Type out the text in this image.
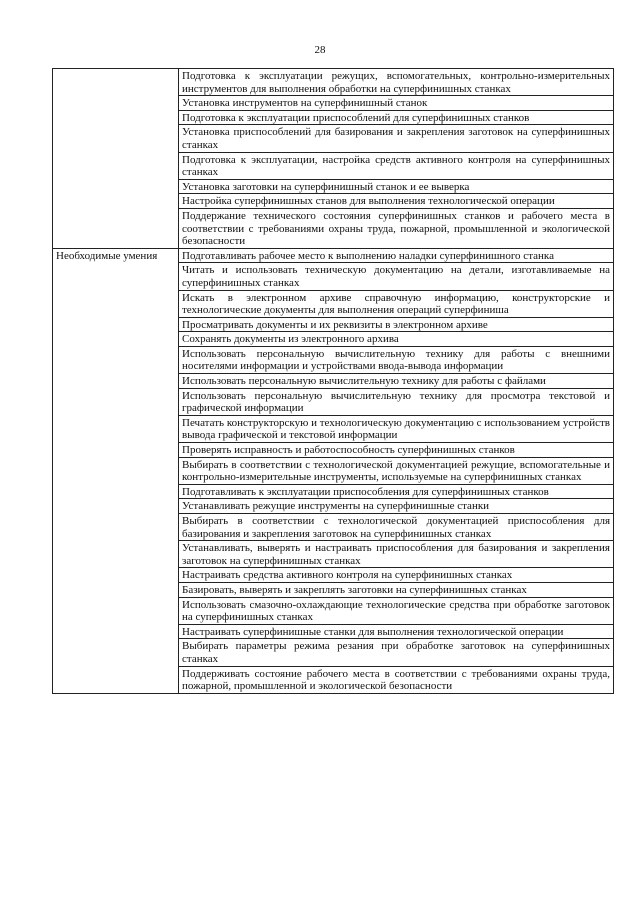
28
	Подготовка к эксплуатации режущих, вспомогательных, контрольно-измерительных инструментов для выполнения обработки на суперфинишных станках
	Установка инструментов на суперфинишный станок
	Подготовка к эксплуатации приспособлений для суперфинишных станков
	Установка приспособлений для базирования и закрепления заготовок на суперфинишных станках
	Подготовка к эксплуатации, настройка средств активного контроля на суперфинишных станках
	Установка заготовки на суперфинишный станок и ее выверка
	Настройка суперфинишных станов для выполнения технологической операции
	Поддержание технического состояния суперфинишных станков и рабочего места в соответствии с требованиями охраны труда, пожарной, промышленной и экологической безопасности
Необходимые умения	Подготавливать рабочее место к выполнению наладки суперфинишного станка
	Читать и использовать техническую документацию на детали, изготавливаемые на суперфинишных станках
	Искать в электронном архиве справочную информацию, конструкторские и технологические документы для выполнения операций суперфиниша
	Просматривать документы и их реквизиты в электронном архиве
	Сохранять документы из электронного архива
	Использовать персональную вычислительную технику для работы с внешними носителями информации и устройствами ввода-вывода информации
	Использовать персональную вычислительную технику для работы с файлами
	Использовать персональную вычислительную технику для просмотра текстовой и графической информации
	Печатать конструкторскую и технологическую документацию с использованием устройств вывода графической и текстовой информации
	Проверять исправность и работоспособность суперфинишных станков
	Выбирать в соответствии с технологической документацией режущие, вспомогательные и контрольно-измерительные инструменты, используемые на суперфинишных станках
	Подготавливать к эксплуатации приспособления для суперфинишных станков
	Устанавливать режущие инструменты на суперфинишные станки
	Выбирать в соответствии с технологической документацией приспособления для базирования и закрепления заготовок на суперфинишных станках
	Устанавливать, выверять и настраивать приспособления для базирования и закрепления заготовок на суперфинишных станках
	Настраивать средства активного контроля на суперфинишных станках
	Базировать, выверять и закреплять заготовки на суперфинишных станках
	Использовать смазочно-охлаждающие технологические средства при обработке заготовок на суперфинишных станках
	Настраивать суперфинишные станки для выполнения технологической операции
	Выбирать параметры режима резания при обработке заготовок на суперфинишных станках
	Поддерживать состояние рабочего места в соответствии с требованиями охраны труда, пожарной, промышленной и экологической безопасности
